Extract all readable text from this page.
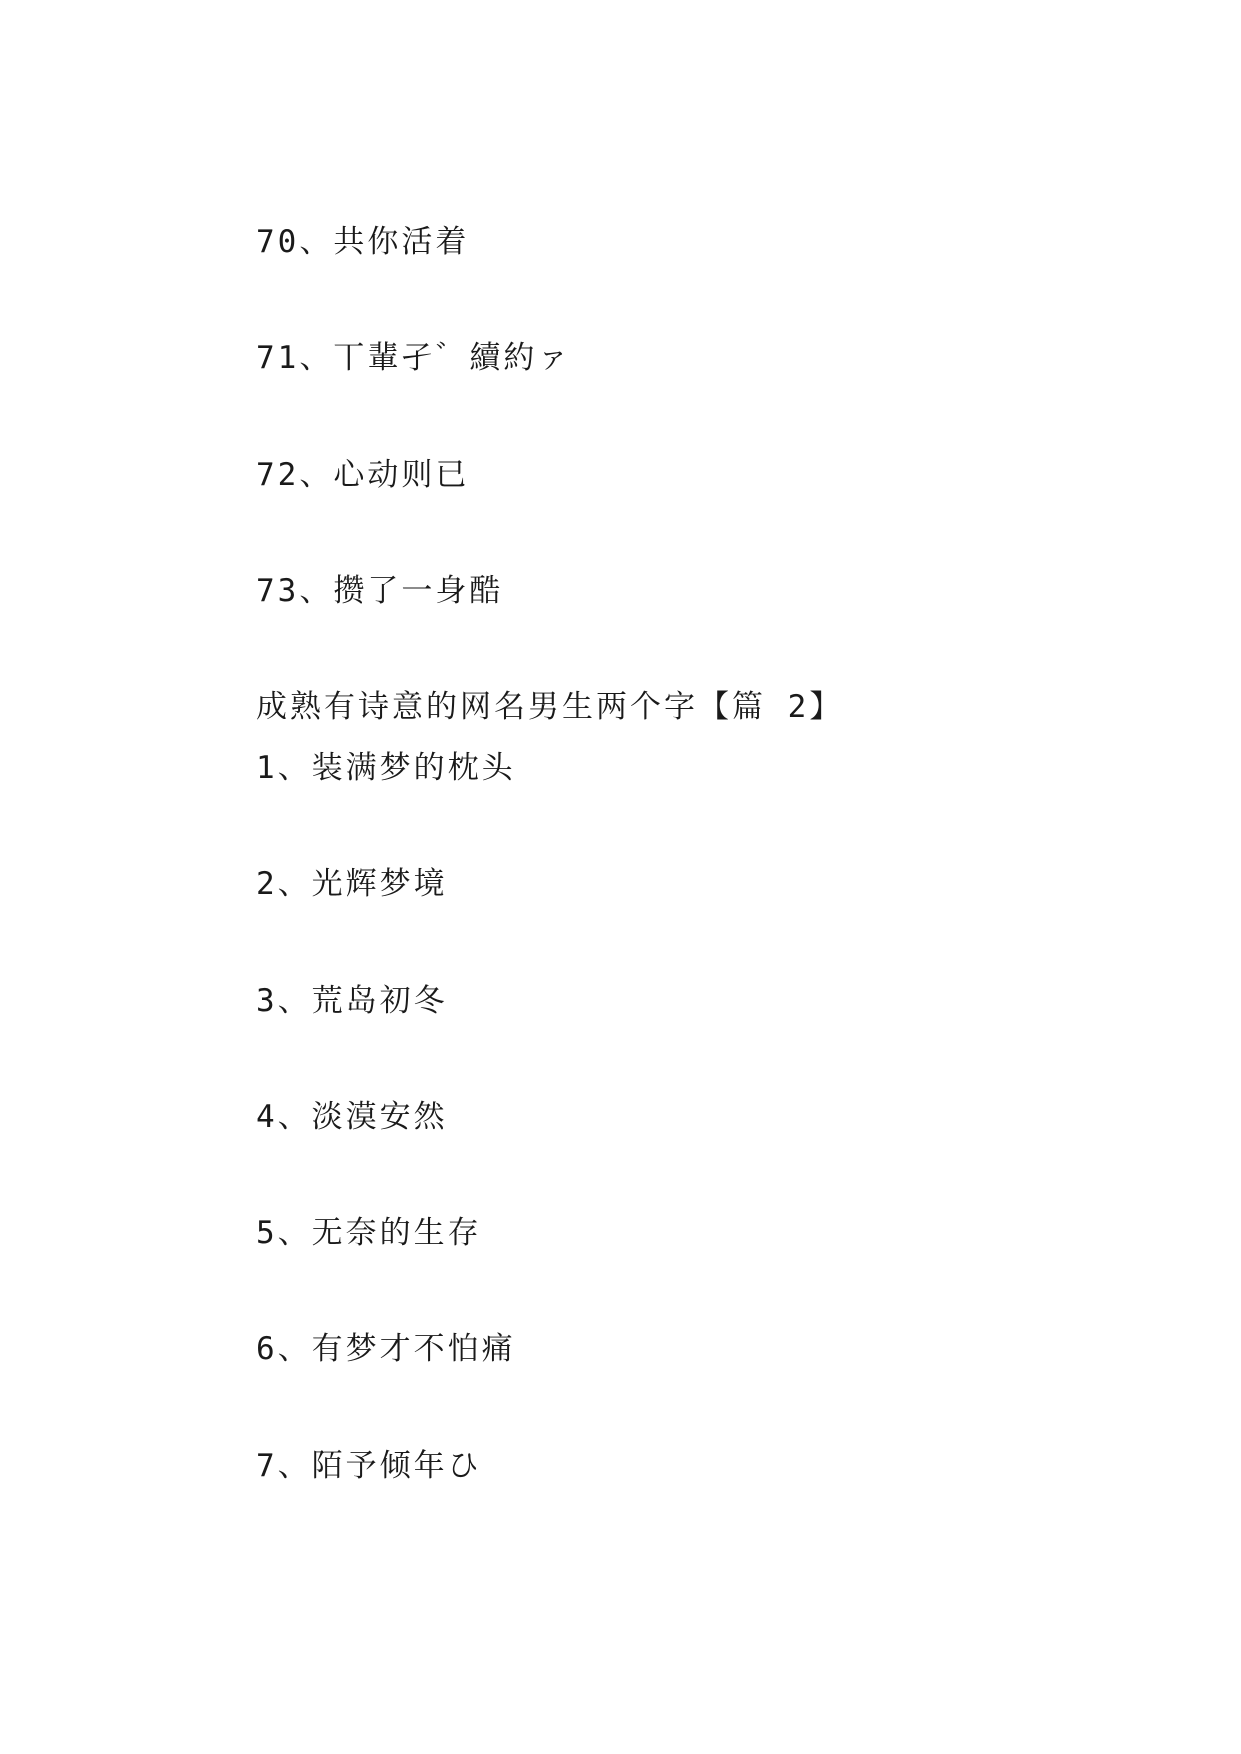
70、共你活着
71、丅輩孑゛續約ァ
72、心动则已
73、攒了一身酷
成熟有诗意的网名男生两个字【篇 2】
1、装满梦的枕头
2、光辉梦境
3、荒岛初冬
4、淡漠安然
5、无奈的生存
6、有梦才不怕痛
7、陌予倾年ひ
